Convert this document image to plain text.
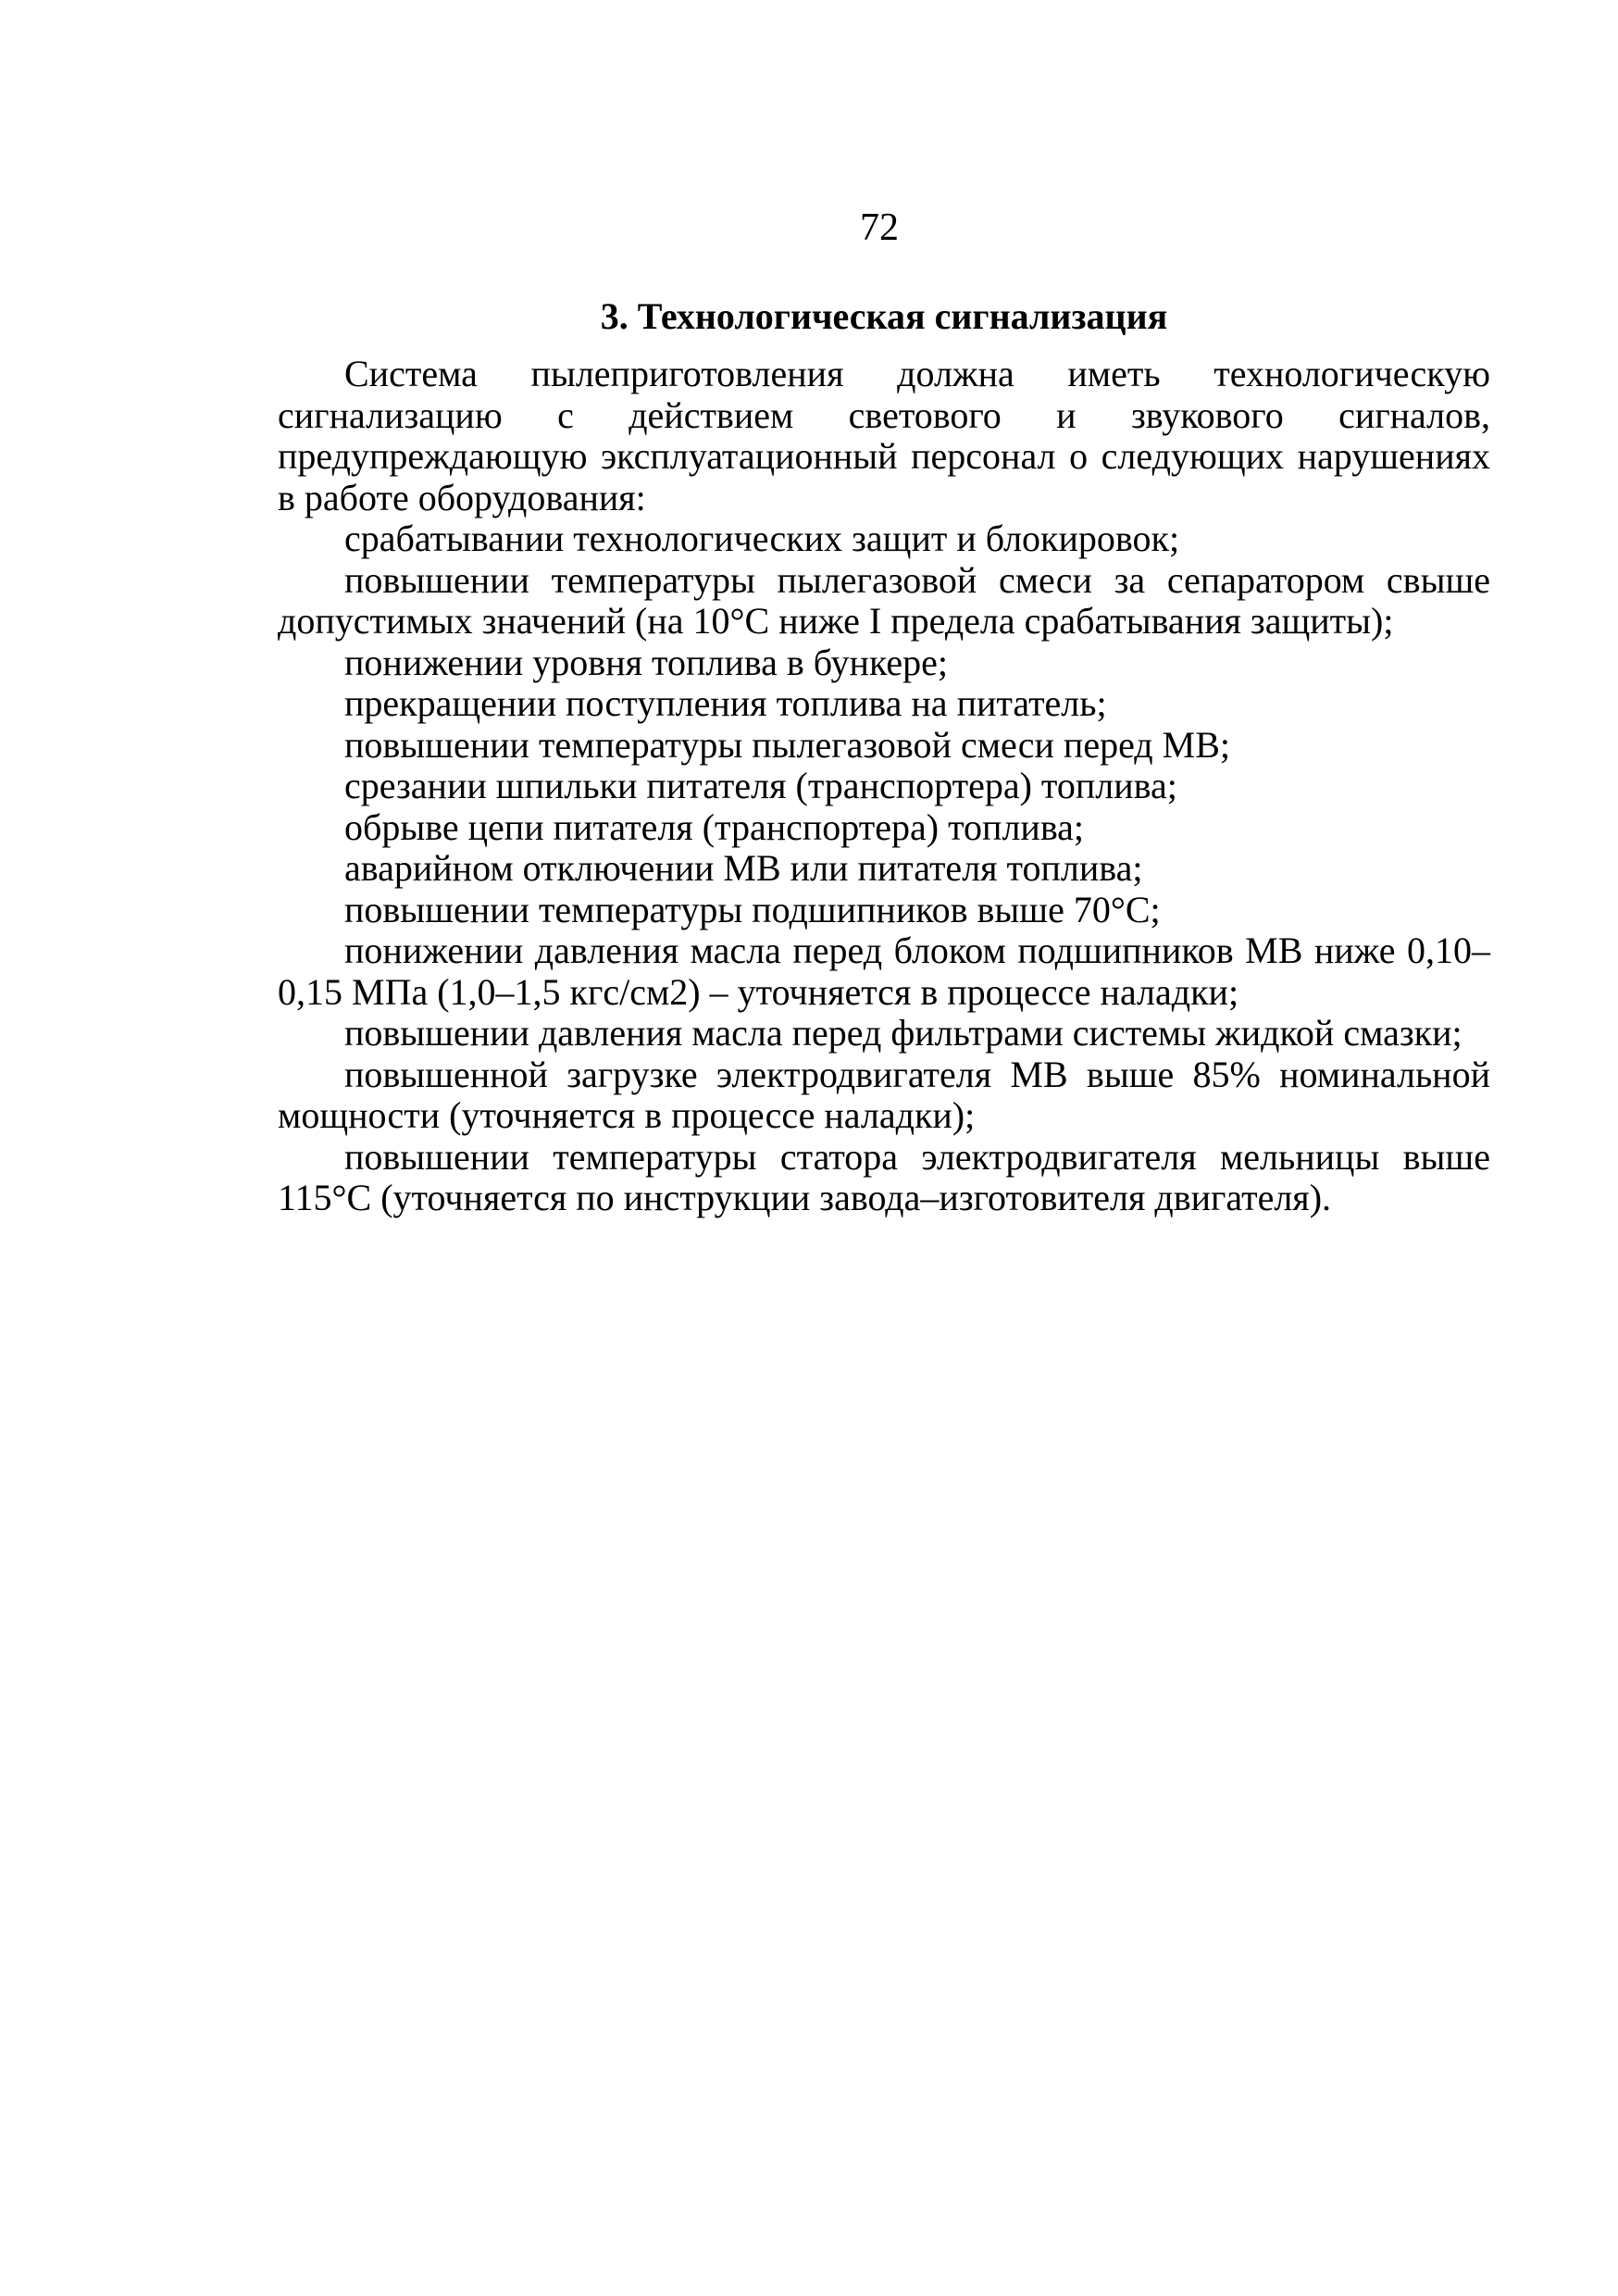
72
3. Технологическая сигнализация

Система пылеприготовления должна иметь технологическую сигнализацию с действием светового и звукового сигналов, предупреждающую эксплуатационный персонал о следующих нарушениях в работе оборудования:

срабатывании технологических защит и блокировок;

повышении температуры пылегазовой смеси за сепаратором свыше допустимых значений (на 10°С ниже I предела срабатывания защиты);

понижении уровня топлива в бункере;

прекращении поступления топлива на питатель;

повышении температуры пылегазовой смеси перед МВ;

срезании шпильки питателя (транспортера) топлива;

обрыве цепи питателя (транспортера) топлива;

аварийном отключении МВ или питателя топлива;

повышении температуры подшипников выше 70°С;

понижении давления масла перед блоком подшипников МВ ниже 0,10–0,15 МПа (1,0–1,5 кгс/см2) – уточняется в процессе наладки;

повышении давления масла перед фильтрами системы жидкой смазки;

повышенной загрузке электродвигателя МВ выше 85% номинальной мощности (уточняется в процессе наладки);

повышении температуры статора электродвигателя мельницы выше 115°С (уточняется по инструкции завода–изготовителя двигателя).
